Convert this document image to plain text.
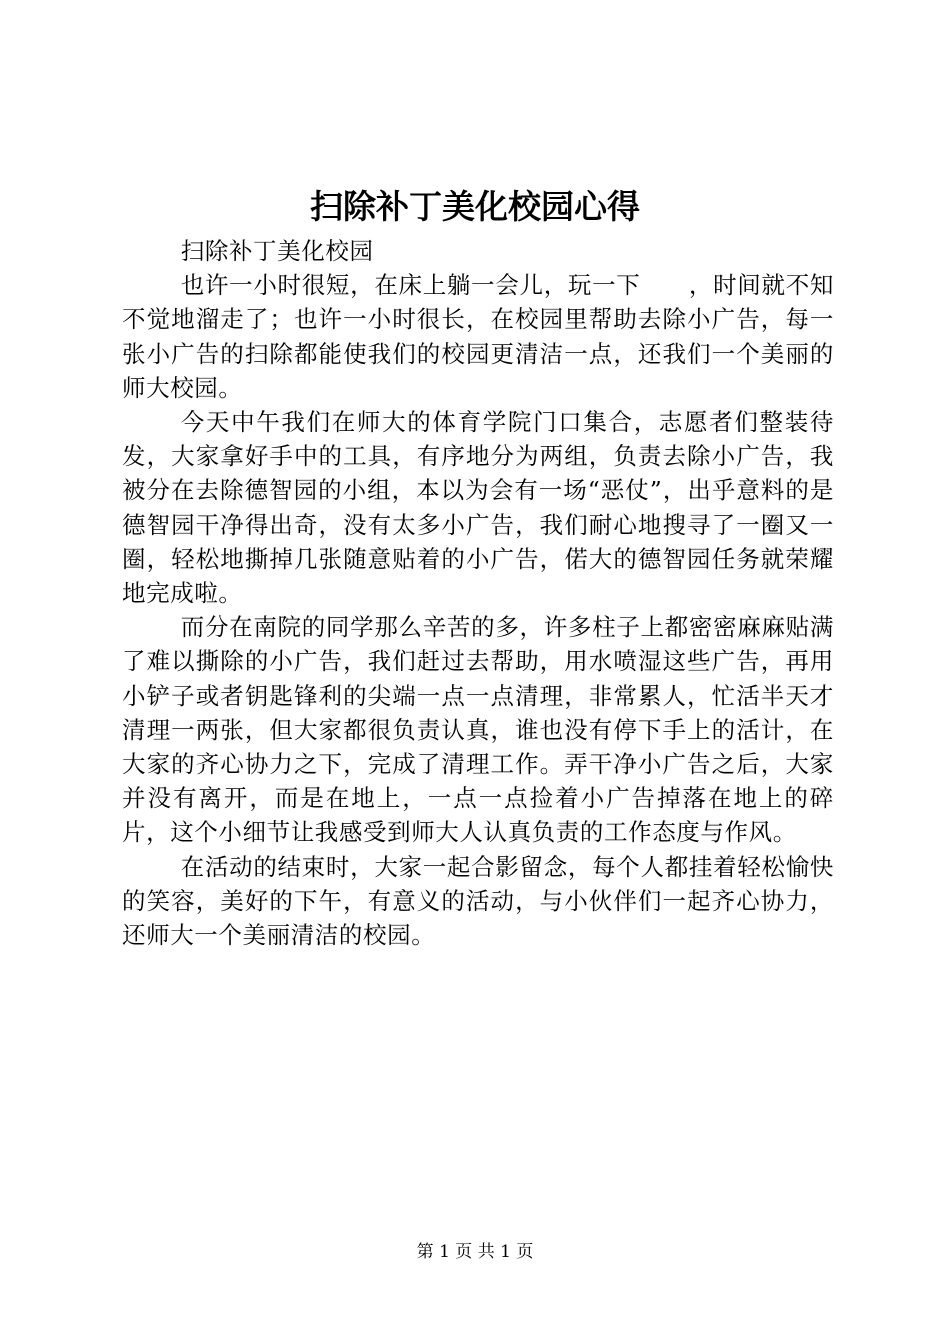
扫除补丁美化校园心得

扫除补丁美化校园

也许一小时很短，在床上躺一会儿，玩一下　　，时间就不知不觉地溜走了；也许一小时很长，在校园里帮助去除小广告，每一张小广告的扫除都能使我们的校园更清洁一点，还我们一个美丽的师大校园。

今天中午我们在师大的体育学院门口集合，志愿者们整装待发，大家拿好手中的工具，有序地分为两组，负责去除小广告，我被分在去除德智园的小组，本以为会有一场“恶仗”，出乎意料的是德智园干净得出奇，没有太多小广告，我们耐心地搜寻了一圈又一圈，轻松地撕掉几张随意贴着的小广告，偌大的德智园任务就荣耀地完成啦。

而分在南院的同学那么辛苦的多，许多柱子上都密密麻麻贴满了难以撕除的小广告，我们赶过去帮助，用水喷湿这些广告，再用小铲子或者钥匙锋利的尖端一点一点清理，非常累人，忙活半天才清理一两张，但大家都很负责认真，谁也没有停下手上的活计，在大家的齐心协力之下，完成了清理工作。弄干净小广告之后，大家并没有离开，而是在地上，一点一点捡着小广告掉落在地上的碎片，这个小细节让我感受到师大人认真负责的工作态度与作风。

在活动的结束时，大家一起合影留念，每个人都挂着轻松愉快的笑容，美好的下午，有意义的活动，与小伙伴们一起齐心协力，还师大一个美丽清洁的校园。

第 1 页 共 1 页
